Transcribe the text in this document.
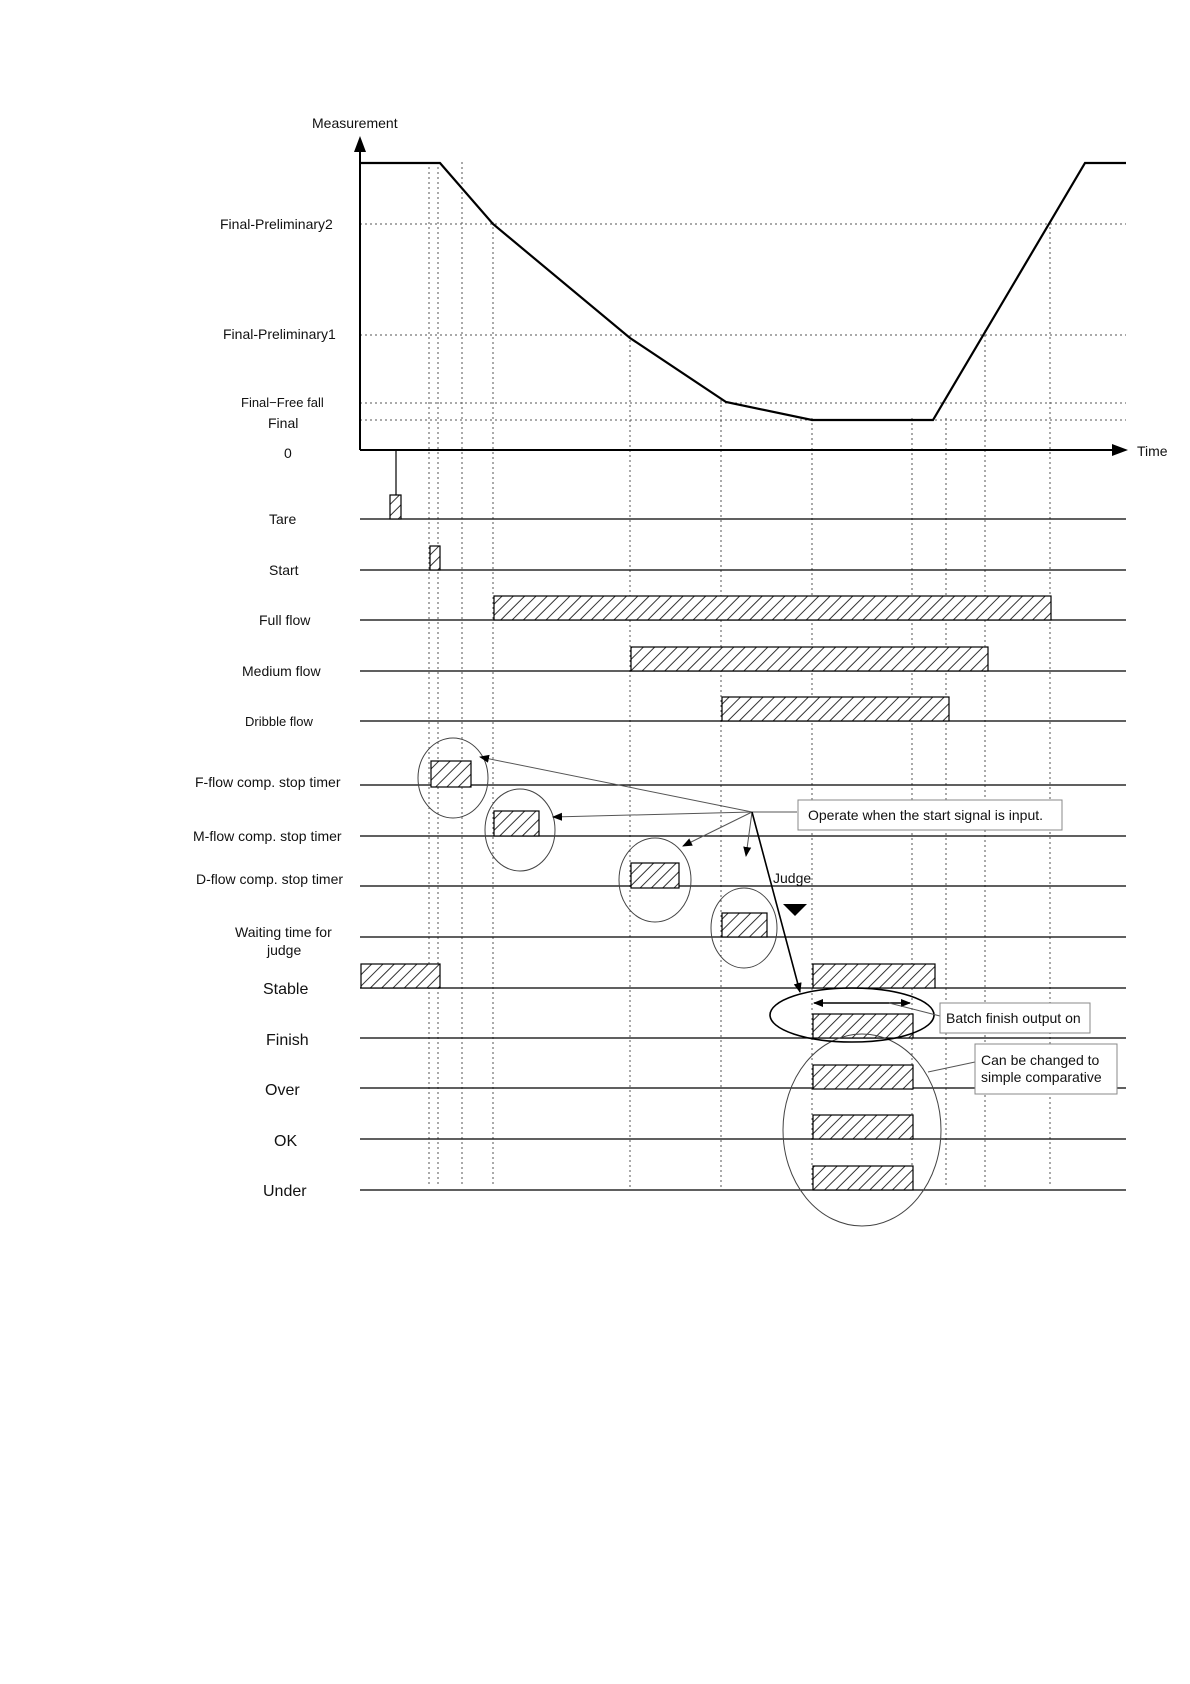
Measurement
Time
Final-Preliminary2
Final-Preliminary1
Final−Free fall
Final
0
Tare
Start
Full flow
Medium flow
Dribble flow
F-flow comp. stop timer
M-flow comp. stop timer
D-flow comp. stop timer
Waiting time for
judge
Stable
Finish
Over
OK
Under
Operate when the start signal is input.
Judge
Batch finish output on
Can be changed to
simple comparative
